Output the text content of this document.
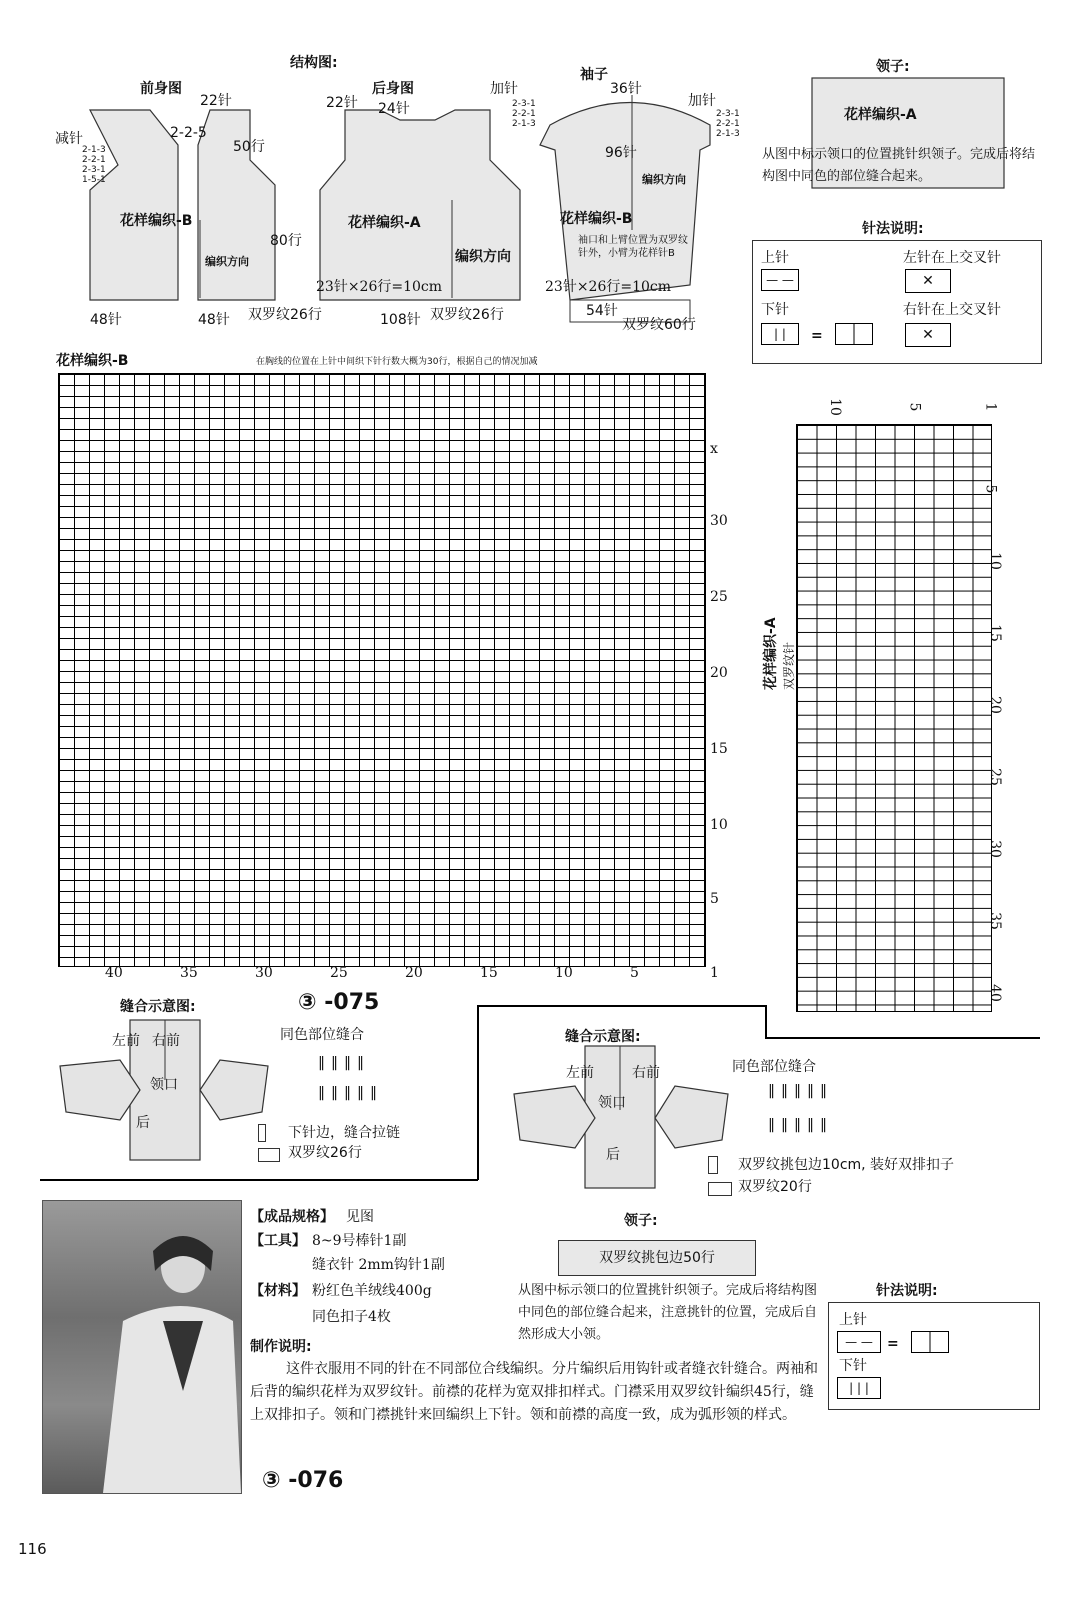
结构图:
前身图
22针
减针
2-1-3
2-2-1
2-3-1
1-5-1
2-2-5
50行
花样编织-B
编织方向
80行
48针	48针
后身图
22针 24针
花样编织-A
编织方向
23针×26行=10cm
双罗纹26行	108针 双罗纹26行
袖子
加针
加针
36针
2-3-1
2-2-1
2-1-3
2-3-1
2-2-1
2-1-3
96针
编织方向
花样编织-B
袖口和上臂位置为双罗纹针外，小臂为花样针B
23针×26行=10cm
54针
双罗纹60行
领子:
花样编织-A
从图中标示领口的位置挑针织领子。完成后将结构图中同色的部位缝合起来。
针法说明:
上针
— —
下针
| |	=
左针在上交叉针
✕
右针在上交叉针
✕
花样编织-B	在胸线的位置在上针中间织下针行数大概为30行，根据自己的情况加减
x
30
25
20
15
10
5
1
40	35	30	25	20	15	10	5
花样编织-A 双罗纹针
10	5	1
5
10
15
20
25
30
35
40
缝合示意图:	③ -075
左前 右前
领口
后
同色部位缝合
‖‖‖‖
‖‖‖‖‖
下针边，缝合拉链
双罗纹26行
缝合示意图:
左前	右前
领口
后
同色部位缝合
‖‖‖‖‖
‖‖‖‖‖
双罗纹挑包边10cm, 装好双排扣子
双罗纹20行
领子:
双罗纹挑包边50行
从图中标示领口的位置挑针织领子。完成后将结构图中同色的部位缝合起来，注意挑针的位置，完成后自然形成大小领。
针法说明:
上针
— —	=
下针
| | |
【成品规格】 见图
【工具】 8~9号棒针1副
缝衣针 2mm钩针1副
【材料】 粉红色羊绒线400g
同色扣子4枚
制作说明:
这件衣服用不同的针在不同部位合线编织。分片编织后用钩针或者缝衣针缝合。两袖和后背的编织花样为双罗纹针。前襟的花样为宽双排扣样式。门襟采用双罗纹针编织45行，缝上双排扣子。领和门襟挑针来回编织上下针。领和前襟的高度一致，成为弧形领的样式。
③ -076
116
